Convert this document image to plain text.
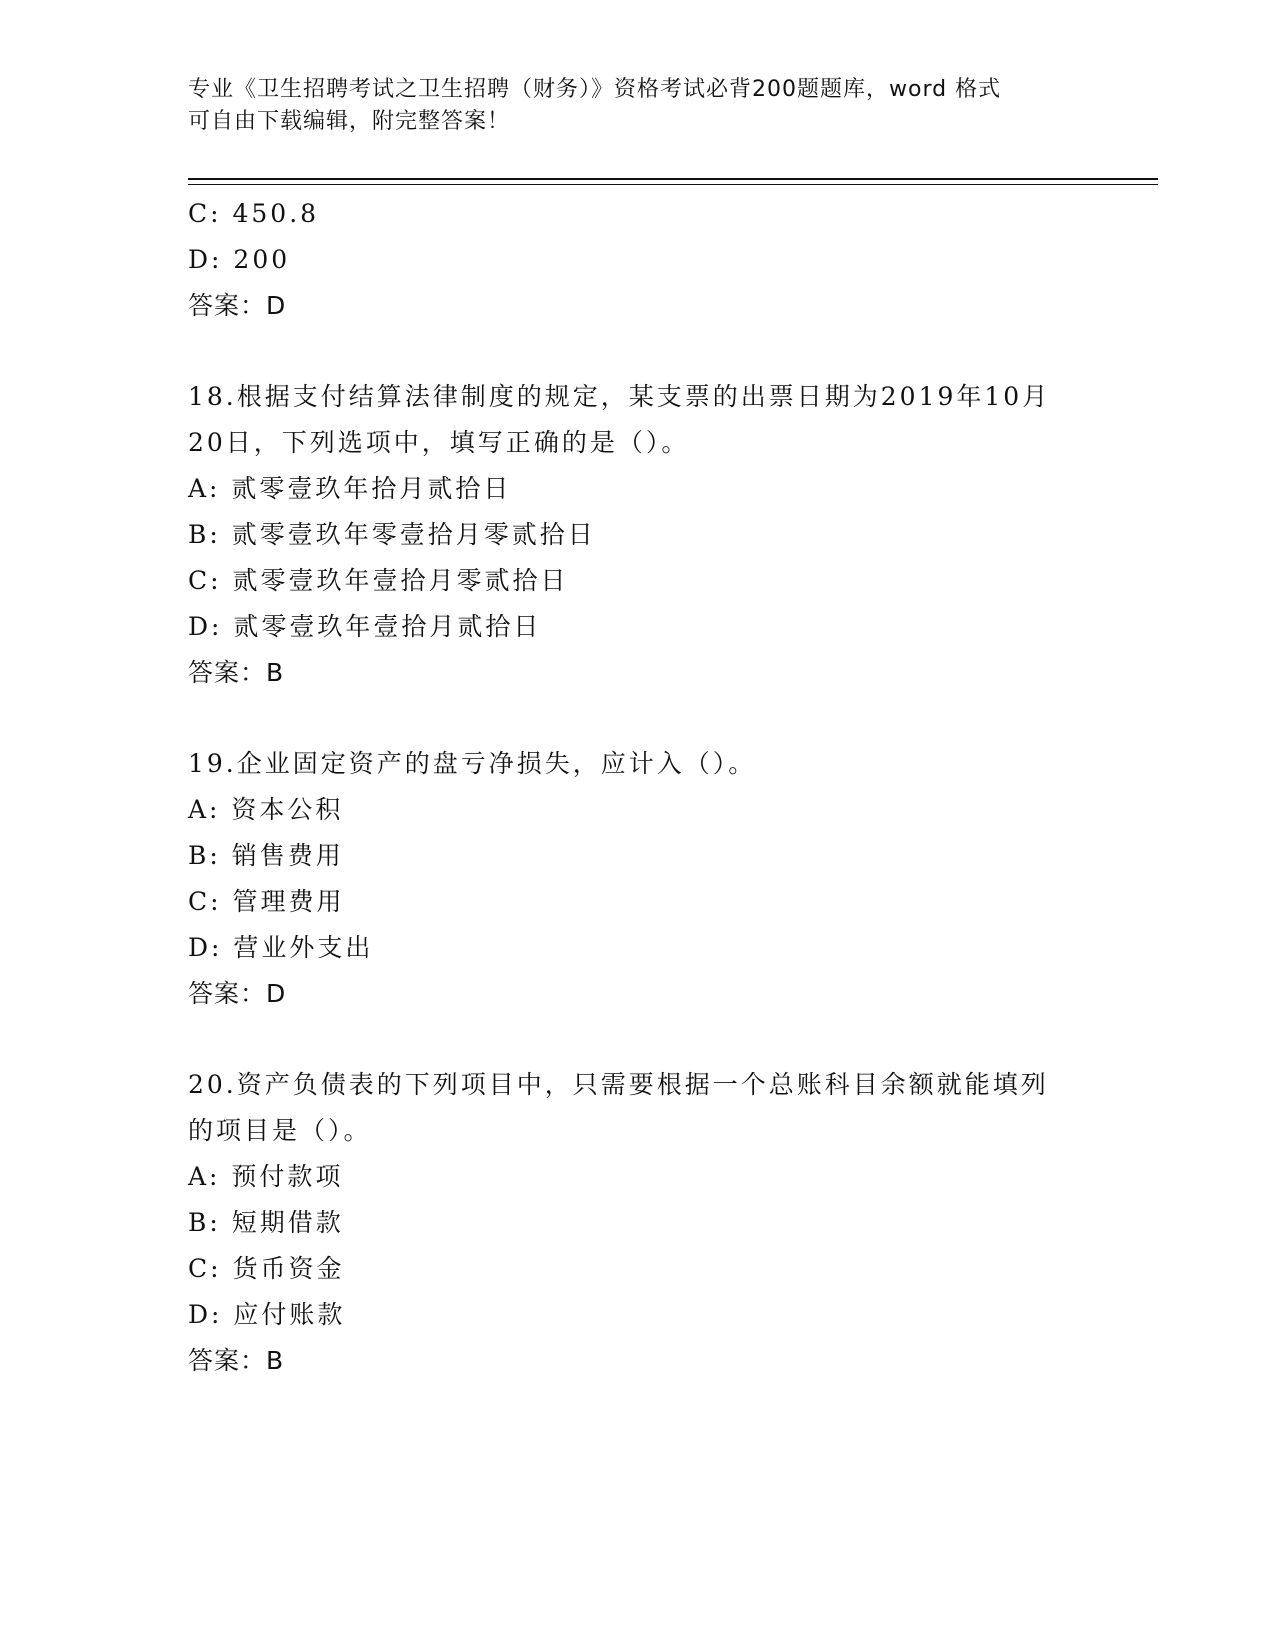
专业《卫生招聘考试之卫生招聘（财务）》资格考试必背200题题库，word 格式
可自由下载编辑，附完整答案！
C: 450.8
D: 200
答案：D
18.根据支付结算法律制度的规定，某支票的出票日期为2019年10月
20日，下列选项中，填写正确的是（）。
A: 贰零壹玖年拾月贰拾日
B: 贰零壹玖年零壹拾月零贰拾日
C: 贰零壹玖年壹拾月零贰拾日
D: 贰零壹玖年壹拾月贰拾日
答案：B
19.企业固定资产的盘亏净损失，应计入（）。
A: 资本公积
B: 销售费用
C: 管理费用
D: 营业外支出
答案：D
20.资产负债表的下列项目中，只需要根据一个总账科目余额就能填列
的项目是（）。
A: 预付款项
B: 短期借款
C: 货币资金
D: 应付账款
答案：B
